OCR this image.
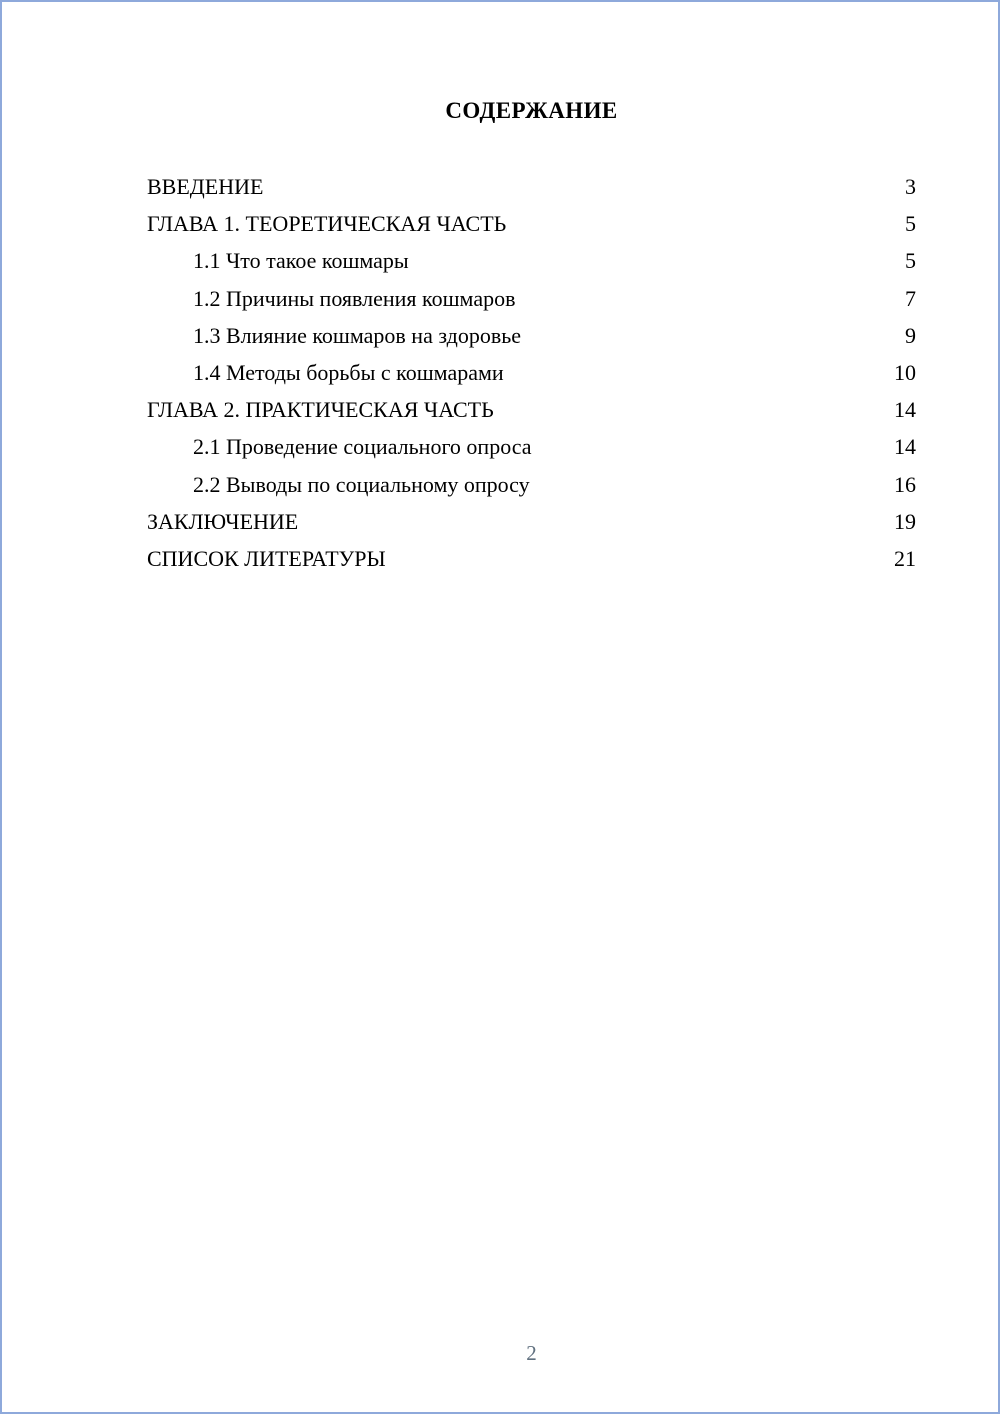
СОДЕРЖАНИЕ
ВВЕДЕНИЕ	3
ГЛАВА 1. ТЕОРЕТИЧЕСКАЯ ЧАСТЬ	5
1.1 Что такое кошмары	5
1.2 Причины появления кошмаров	7
1.3 Влияние кошмаров на здоровье	9
1.4 Методы борьбы с кошмарами	10
ГЛАВА 2. ПРАКТИЧЕСКАЯ ЧАСТЬ	14
2.1 Проведение социального опроса	14
2.2 Выводы по социальному опросу	16
ЗАКЛЮЧЕНИЕ	19
СПИСОК ЛИТЕРАТУРЫ	21
2
